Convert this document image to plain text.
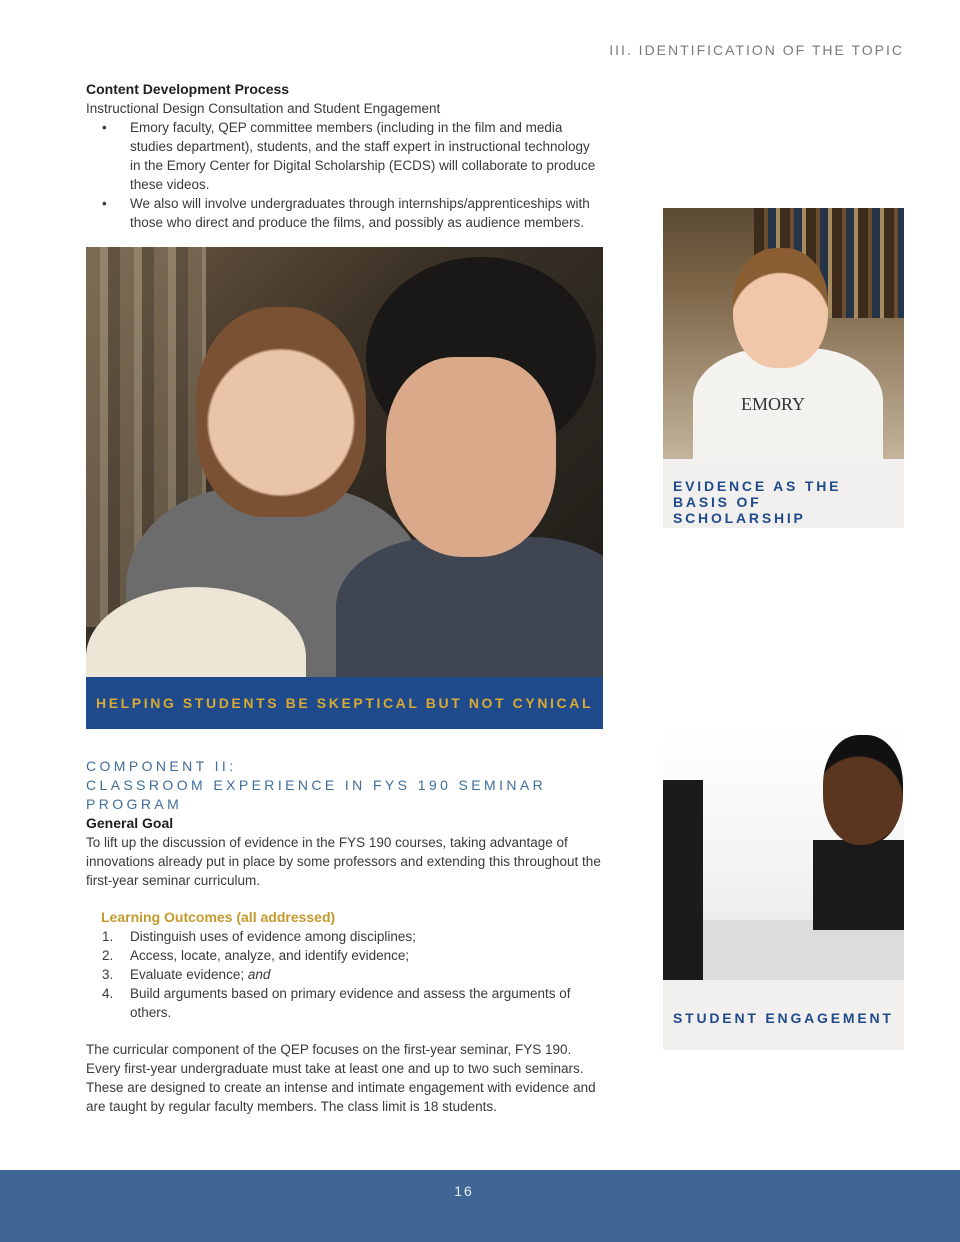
III. IDENTIFICATION OF THE TOPIC

Content Development Process

Instructional Design Consultation and Student Engagement

• Emory faculty, QEP committee members (including in the film and media studies department), students, and the staff expert in instructional technology in the Emory Center for Digital Scholarship (ECDS) will collaborate to produce these videos.
• We also will involve undergraduates through internships/apprenticeships with those who direct and produce the films, and possibly as audience members.
HELPING STUDENTS BE SKEPTICAL BUT NOT CYNICAL
COMPONENT II:
CLASSROOM EXPERIENCE IN FYS 190 SEMINAR PROGRAM

General Goal

To lift up the discussion of evidence in the FYS 190 courses, taking advantage of innovations already put in place by some professors and extending this throughout the first-year seminar curriculum.

Learning Outcomes (all addressed)

1. Distinguish uses of evidence among disciplines;
2. Access, locate, analyze, and identify evidence;
3. Evaluate evidence; and
4. Build arguments based on primary evidence and assess the arguments of others.

The curricular component of the QEP focuses on the first-year seminar, FYS 190. Every first-year undergraduate must take at least one and up to two such seminars. These are designed to create an intense and intimate engagement with evidence and are taught by regular faculty members. The class limit is 18 students.

EMORY
EVIDENCE AS THE BASIS OF SCHOLARSHIP
STUDENT ENGAGEMENT
16
